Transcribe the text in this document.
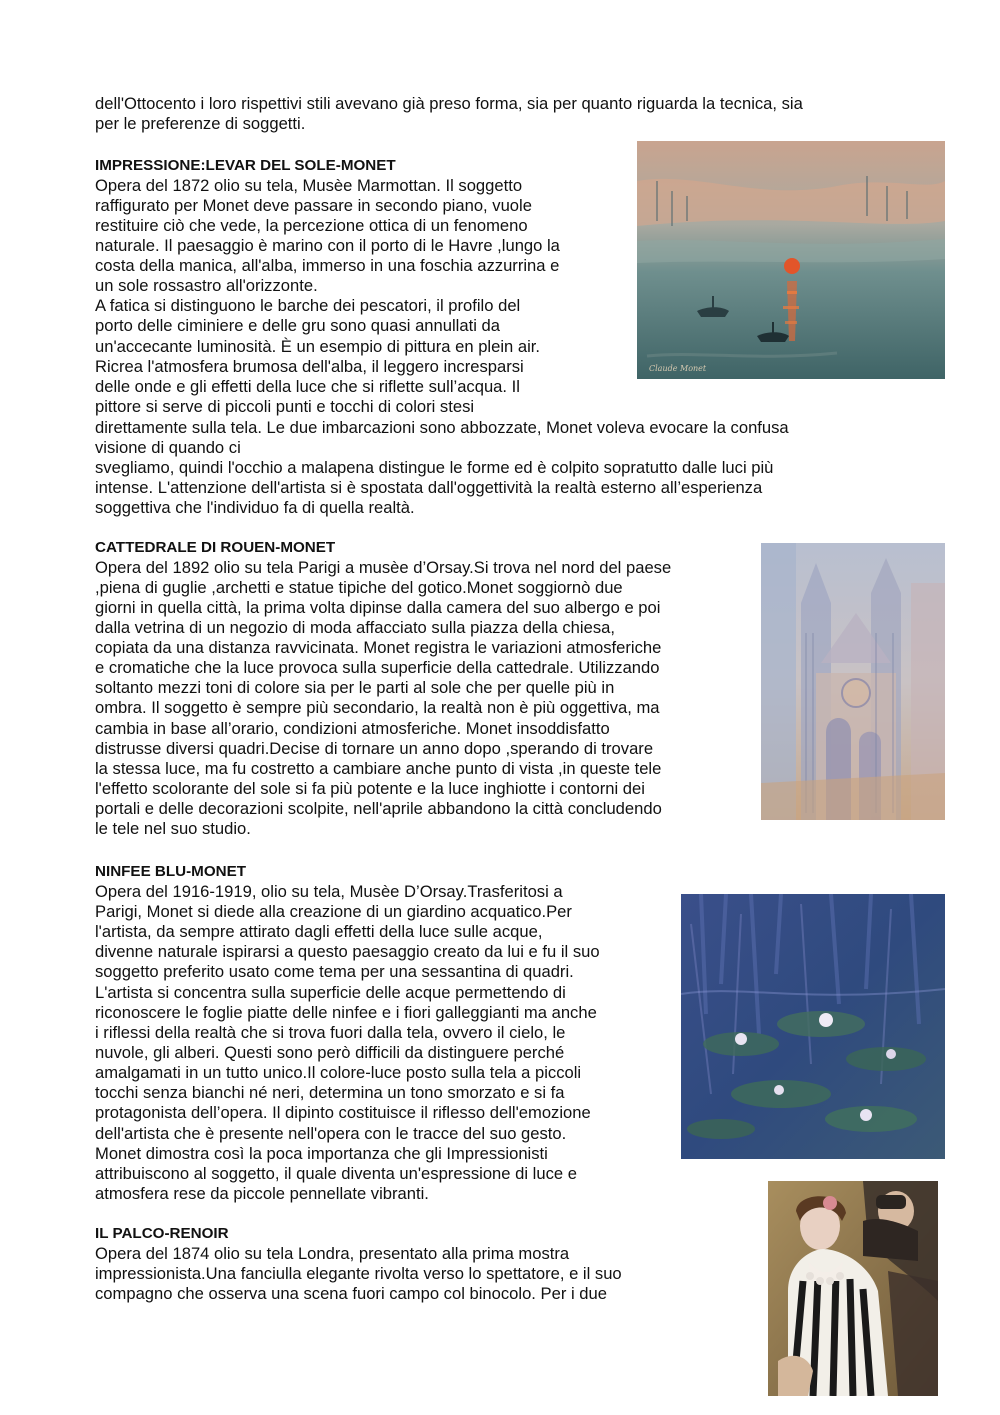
dell'Ottocento i loro rispettivi stili avevano già preso forma, sia per quanto riguarda la tecnica, sia
per le preferenze di soggetti.
IMPRESSIONE:LEVAR DEL SOLE-MONET
Opera del 1872 olio su tela, Musèe Marmottan. Il soggetto
raffigurato per Monet deve passare in secondo piano, vuole
restituire ciò che vede, la percezione ottica di un fenomeno
naturale. Il paesaggio è marino con il porto di le Havre ,lungo la
costa della manica, all'alba, immerso in una foschia azzurrina e
un sole rossastro all'orizzonte.
A fatica si distinguono le barche dei pescatori, il profilo del
porto delle ciminiere e delle gru sono quasi annullati da
un'accecante luminosità. È un esempio di pittura en plein air.
Ricrea l'atmosfera brumosa dell'alba, il leggero incresparsi
delle onde e gli effetti della luce che si riflette sull’acqua. Il
pittore si serve di piccoli punti e tocchi di colori stesi
direttamente sulla tela. Le due imbarcazioni sono abbozzate, Monet voleva evocare la confusa
visione di quando ci
svegliamo, quindi l'occhio a malapena distingue le forme ed è colpito sopratutto dalle luci più
intense. L'attenzione dell'artista si è spostata dall'oggettività la realtà esterno all’esperienza
soggettiva che l'individuo fa di quella realtà.
Claude Monet
CATTEDRALE DI ROUEN-MONET
Opera del 1892 olio su tela Parigi a musèe d’Orsay.Si trova nel nord del paese
,piena di guglie ,archetti e statue tipiche del gotico.Monet soggiornò due
giorni in quella città, la prima volta dipinse dalla camera del suo albergo e poi
dalla vetrina di un negozio di moda affacciato sulla piazza della chiesa,
copiata da una distanza ravvicinata. Monet registra le variazioni atmosferiche
e cromatiche che la luce provoca sulla superficie della cattedrale. Utilizzando
soltanto mezzi toni di colore sia per le parti al sole che per quelle più in
ombra. Il soggetto è sempre più secondario, la realtà non è più oggettiva, ma
cambia in base all’orario, condizioni atmosferiche. Monet insoddisfatto
distrusse diversi quadri.Decise di tornare un anno dopo ,sperando di trovare
la stessa luce, ma fu costretto a cambiare anche punto di vista ,in queste tele
l'effetto scolorante del sole si fa più potente e la luce inghiotte i contorni dei
portali e delle decorazioni scolpite, nell'aprile abbandono la città concludendo
le tele nel suo studio.
NINFEE BLU-MONET
Opera del 1916-1919, olio su tela, Musèe D’Orsay.Trasferitosi a
Parigi, Monet si diede alla creazione di un giardino acquatico.Per
l'artista, da sempre attirato dagli effetti della luce sulle acque,
divenne naturale ispirarsi a questo paesaggio creato da lui e fu il suo
soggetto preferito usato come tema per una sessantina di quadri.
L'artista si concentra sulla superficie delle acque permettendo di
riconoscere le foglie piatte delle ninfee e i fiori galleggianti ma anche
i riflessi della realtà che si trova fuori dalla tela, ovvero il cielo, le
nuvole, gli alberi. Questi sono però difficili da distinguere perché
amalgamati in un tutto unico.Il colore-luce posto sulla tela a piccoli
tocchi senza bianchi né neri, determina un tono smorzato e si fa
protagonista dell’opera. Il dipinto costituisce il riflesso dell'emozione
dell'artista che è presente nell'opera con le tracce del suo gesto.
Monet dimostra così la poca importanza che gli Impressionisti
attribuiscono al soggetto, il quale diventa un'espressione di luce e
atmosfera rese da piccole pennellate vibranti.
IL PALCO-RENOIR
Opera del 1874 olio su tela Londra, presentato alla prima mostra
impressionista.Una fanciulla elegante rivolta verso lo spettatore, e il suo
compagno che osserva una scena fuori campo col binocolo. Per i due
